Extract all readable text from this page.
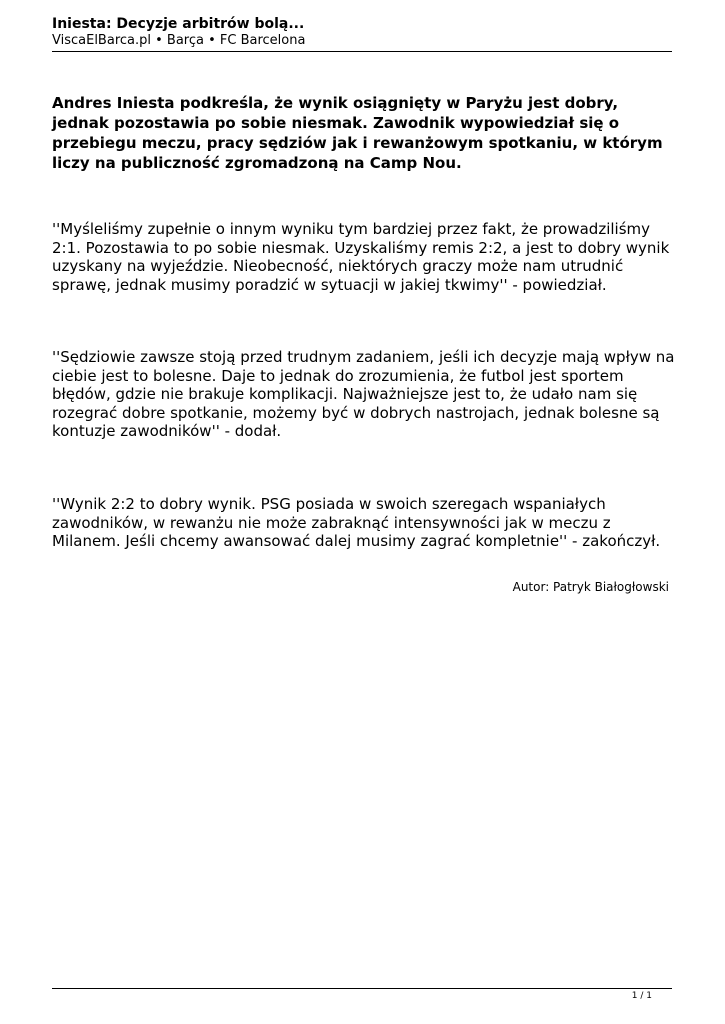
Iniesta: Decyzje arbitrów bolą...
ViscaElBarca.pl • Barça • FC Barcelona
Andres Iniesta podkreśla, że wynik osiągnięty w Paryżu jest dobry, jednak pozostawia po sobie niesmak. Zawodnik wypowiedział się o przebiegu meczu, pracy sędziów jak i rewanżowym spotkaniu, w którym liczy na publiczność zgromadzoną na Camp Nou.
''Myśleliśmy zupełnie o innym wyniku tym bardziej przez fakt, że prowadziliśmy 2:1. Pozostawia to po sobie niesmak. Uzyskaliśmy remis 2:2, a jest to dobry wynik uzyskany na wyjeździe. Nieobecność, niektórych graczy może nam utrudnić sprawę, jednak musimy poradzić w sytuacji w jakiej tkwimy'' - powiedział.
''Sędziowie zawsze stoją przed trudnym zadaniem, jeśli ich decyzje mają wpływ na ciebie jest to bolesne. Daje to jednak do zrozumienia, że futbol jest sportem błędów, gdzie nie brakuje komplikacji. Najważniejsze jest to, że udało nam się rozegrać dobre spotkanie, możemy być w dobrych nastrojach, jednak bolesne są kontuzje zawodników'' - dodał.
''Wynik 2:2 to dobry wynik. PSG posiada w swoich szeregach wspaniałych zawodników, w rewanżu nie może zabraknąć intensywności jak w meczu z Milanem. Jeśli chcemy awansować dalej musimy zagrać kompletnie'' - zakończył.
Autor: Patryk Białogłowski
1 / 1
